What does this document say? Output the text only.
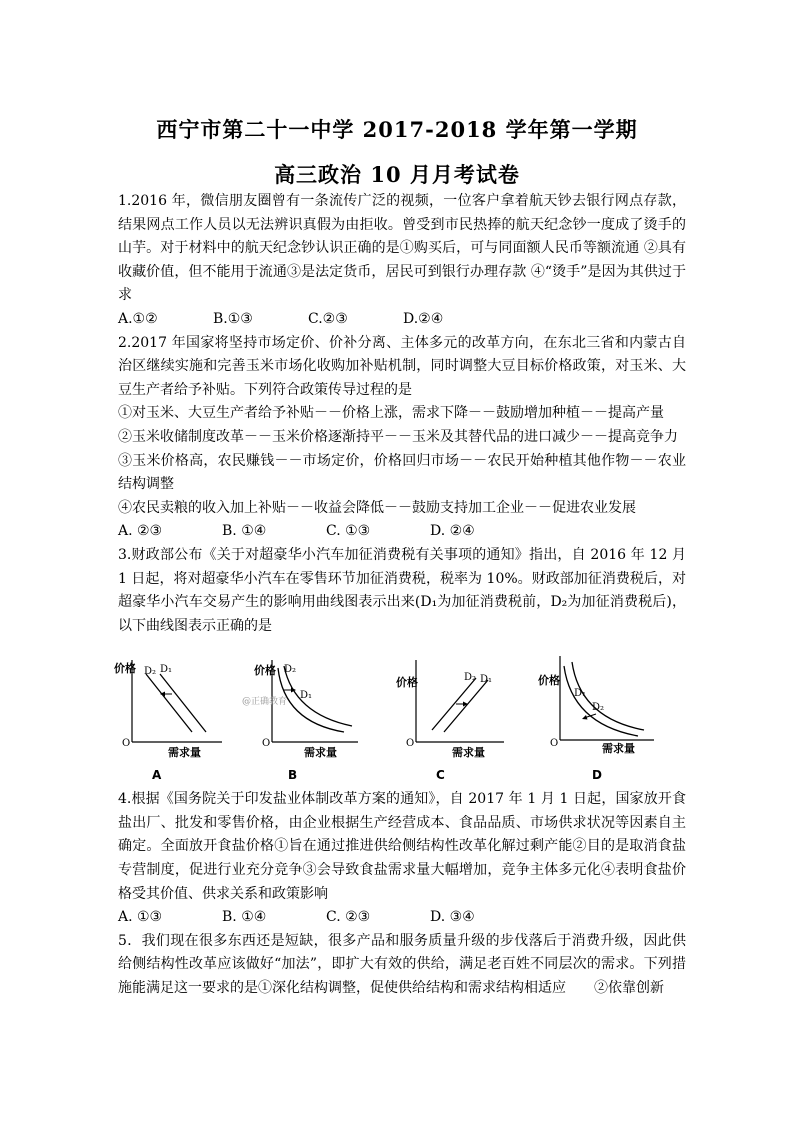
西宁市第二十一中学 2017-2018 学年第一学期
高三政治 10 月月考试卷

1.2016 年，微信朋友圈曾有一条流传广泛的视频，一位客户拿着航天钞去银行网点存款，结果网点工作人员以无法辨识真假为由拒收。曾受到市民热捧的航天纪念钞一度成了烫手的山芋。对于材料中的航天纪念钞认识正确的是①购买后，可与同面额人民币等额流通 ②具有收藏价值，但不能用于流通③是法定货币，居民可到银行办理存款 ④“烫手”是因为其供过于求

A.①②	B.①③	C.②③	D.②④

2.2017 年国家将坚持市场定价、价补分离、主体多元的改革方向，在东北三省和内蒙古自治区继续实施和完善玉米市场化收购加补贴机制，同时调整大豆目标价格政策，对玉米、大豆生产者给予补贴。下列符合政策传导过程的是

①对玉米、大豆生产者给予补贴－－价格上涨，需求下降－－鼓励增加种植－－提高产量

②玉米收储制度改革－－玉米价格逐渐持平－－玉米及其替代品的进口减少－－提高竞争力

③玉米价格高，农民赚钱－－市场定价，价格回归市场－－农民开始种植其他作物－－农业结构调整

④农民卖粮的收入加上补贴－－收益会降低－－鼓励支持加工企业－－促进农业发展

A. ②③	B. ①④	C. ①③	D. ②④

3.财政部公布《关于对超豪华小汽车加征消费税有关事项的通知》指出，自 2016 年 12 月 1 日起，将对超豪华小汽车在零售环节加征消费税，税率为 10%。财政部加征消费税后，对超豪华小汽车交易产生的影响用曲线图表示出来(D₁为加征消费税前，D₂为加征消费税后)，以下曲线图表示正确的是

价格
O
D₂ D₁
需求量
A
价格
O
D₂
D₁
@正确教育
需求量
B
价格
O
D₂ D₁
需求量
C
价格
O
D₁
D₂
需求量
D

4.根据《国务院关于印发盐业体制改革方案的通知》，自 2017 年 1 月 1 日起，国家放开食盐出厂、批发和零售价格，由企业根据生产经营成本、食品品质、市场供求状况等因素自主确定。全面放开食盐价格①旨在通过推进供给侧结构性改革化解过剩产能②目的是取消食盐专营制度，促进行业充分竞争③会导致食盐需求量大幅增加，竞争主体多元化④表明食盐价格受其价值、供求关系和政策影响

A. ①③	B. ①④	C. ②③	D. ③④

5．我们现在很多东西还是短缺，很多产品和服务质量升级的步伐落后于消费升级，因此供给侧结构性改革应该做好“加法”，即扩大有效的供给，满足老百姓不同层次的需求。下列措施能满足这一要求的是①深化结构调整，促使供给结构和需求结构相适应　　②依靠创新
